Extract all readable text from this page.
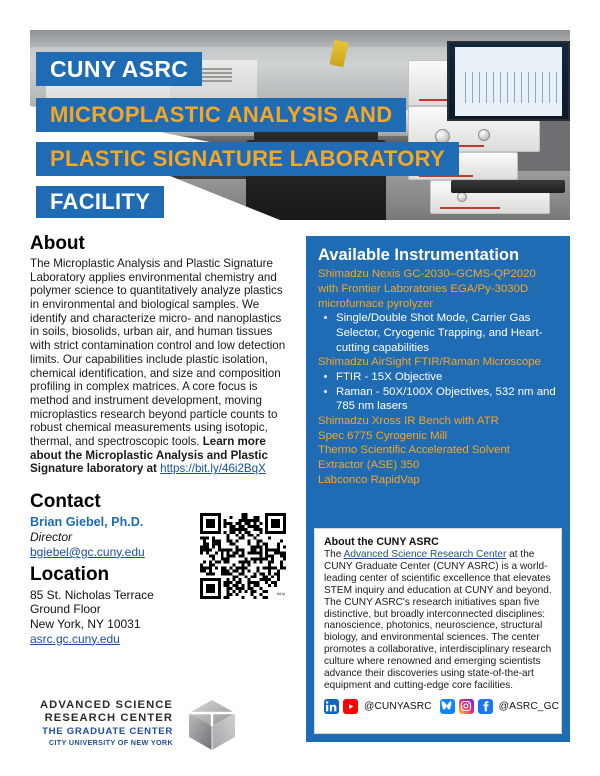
CUNY ASRC
MICROPLASTIC ANALYSIS AND
PLASTIC SIGNATURE LABORATORY
FACILITY
About

The Microplastic Analysis and Plastic Signature Laboratory applies environmental chemistry and polymer science to quantitatively analyze plastics in environmental and biological samples. We identify and characterize micro- and nanoplastics in soils, biosolids, urban air, and human tissues with strict contamination control and low detection limits. Our capabilities include plastic isolation, chemical identification, and size and composition profiling in complex matrices. A core focus is method and instrument development, moving microplastics research beyond particle counts to robust chemical measurements using isotopic, thermal, and spectroscopic tools. Learn more about the Microplastic Analysis and Plastic Signature laboratory at https://bit.ly/46i2BqX

Contact
Brian Giebel, Ph.D.
Director
bgiebel@gc.cuny.edu
Location
85 St. Nicholas Terrace
Ground Floor
New York, NY 10031
asrc.gc.cuny.edu
bit.ly
ADVANCED SCIENCE
RESEARCH CENTER
THE GRADUATE CENTER
CITY UNIVERSITY OF NEW YORK
Available Instrumentation
Shimadzu Nexis GC-2030–GCMS-QP2020 with Frontier Laboratories EGA/Py-3030D microfurnace pyrolyzer
• Single/Double Shot Mode, Carrier Gas Selector, Cryogenic Trapping, and Heart-cutting capabilities
Shimadzu AirSight FTIR/Raman Microscope
• FTIR - 15X Objective
• Raman - 50X/100X Objectives, 532 nm and 785 nm lasers
Shimadzu Xross IR Bench with ATR
Spec 6775 Cyrogenic Mill
Thermo Scientific Accelerated Solvent Extractor (ASE) 350
Labconco RapidVap
About the CUNY ASRC

The Advanced Science Research Center at the CUNY Graduate Center (CUNY ASRC) is a world-leading center of scientific excellence that elevates STEM inquiry and education at CUNY and beyond. The CUNY ASRC's research initiatives span five distinctive, but broadly interconnected disciplines: nanoscience, photonics, neuroscience, structural biology, and environmental sciences. The center promotes a collaborative, interdisciplinary research culture where renowned and emerging scientists advance their discoveries using state-of-the-art equipment and cutting-edge core facilities.

@CUNYASRC	@ASRC_GC
